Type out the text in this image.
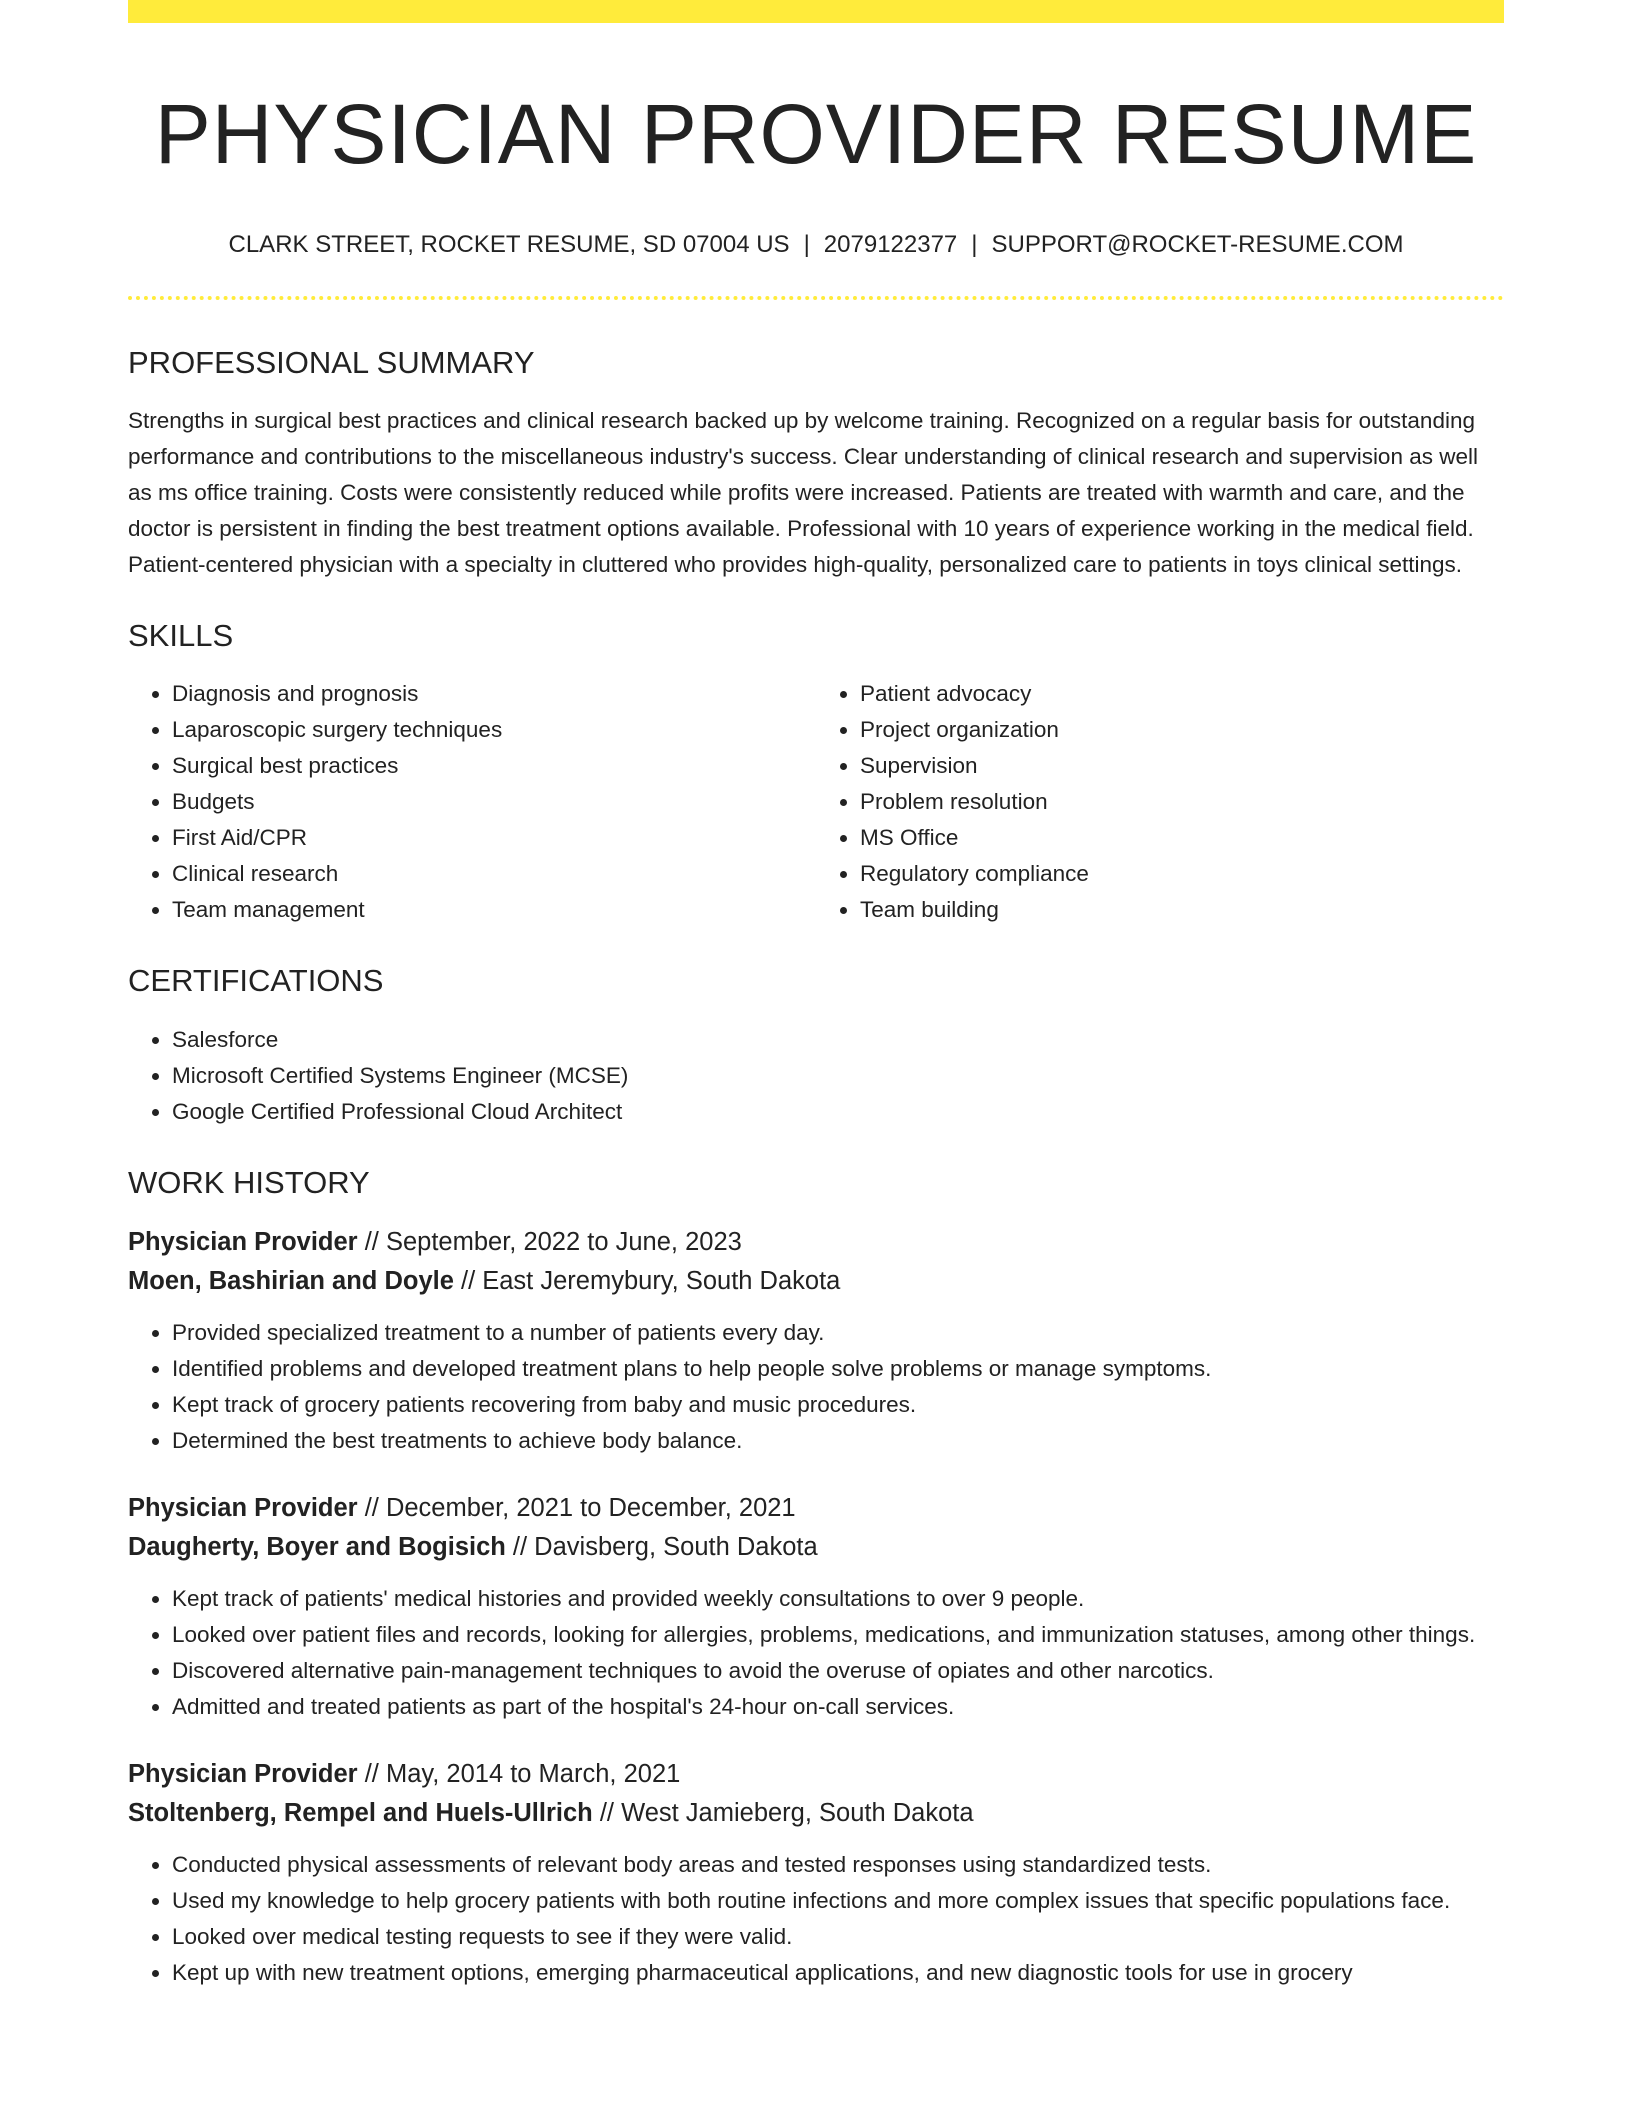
PHYSICIAN PROVIDER RESUME
CLARK STREET, ROCKET RESUME, SD 07004 US | 2079122377 | SUPPORT@ROCKET-RESUME.COM
PROFESSIONAL SUMMARY

Strengths in surgical best practices and clinical research backed up by welcome training. Recognized on a regular basis for outstanding performance and contributions to the miscellaneous industry's success. Clear understanding of clinical research and supervision as well as ms office training. Costs were consistently reduced while profits were increased. Patients are treated with warmth and care, and the doctor is persistent in finding the best treatment options available. Professional with 10 years of experience working in the medical field. Patient-centered physician with a specialty in cluttered who provides high-quality, personalized care to patients in toys clinical settings.

SKILLS
• Diagnosis and prognosis
• Laparoscopic surgery techniques
• Surgical best practices
• Budgets
• First Aid/CPR
• Clinical research
• Team management
• Patient advocacy
• Project organization
• Supervision
• Problem resolution
• MS Office
• Regulatory compliance
• Team building
CERTIFICATIONS
• Salesforce
• Microsoft Certified Systems Engineer (MCSE)
• Google Certified Professional Cloud Architect
WORK HISTORY
Physician Provider // September, 2022 to June, 2023
Moen, Bashirian and Doyle // East Jeremybury, South Dakota
• Provided specialized treatment to a number of patients every day.
• Identified problems and developed treatment plans to help people solve problems or manage symptoms.
• Kept track of grocery patients recovering from baby and music procedures.
• Determined the best treatments to achieve body balance.
Physician Provider // December, 2021 to December, 2021
Daugherty, Boyer and Bogisich // Davisberg, South Dakota
• Kept track of patients' medical histories and provided weekly consultations to over 9 people.
• Looked over patient files and records, looking for allergies, problems, medications, and immunization statuses, among other things.
• Discovered alternative pain-management techniques to avoid the overuse of opiates and other narcotics.
• Admitted and treated patients as part of the hospital's 24-hour on-call services.
Physician Provider // May, 2014 to March, 2021
Stoltenberg, Rempel and Huels-Ullrich // West Jamieberg, South Dakota
• Conducted physical assessments of relevant body areas and tested responses using standardized tests.
• Used my knowledge to help grocery patients with both routine infections and more complex issues that specific populations face.
• Looked over medical testing requests to see if they were valid.
• Kept up with new treatment options, emerging pharmaceutical applications, and new diagnostic tools for use in grocery
